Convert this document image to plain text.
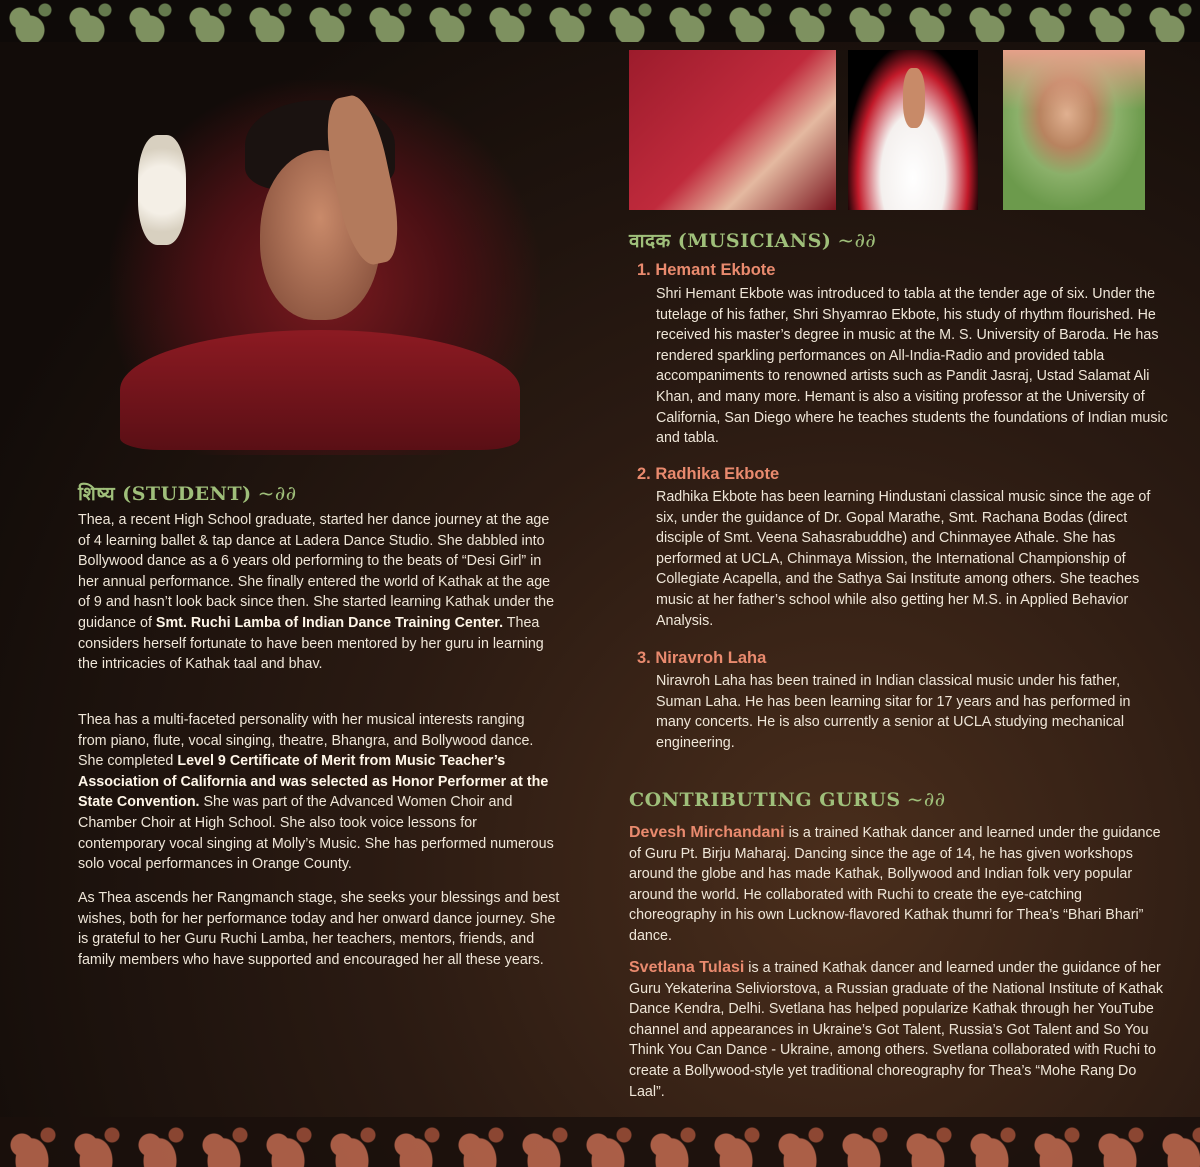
शिष्य (STUDENT) ~∂∂

Thea, a recent High School graduate, started her dance journey at the age of 4 learning ballet & tap dance at Ladera Dance Studio. She dabbled into Bollywood dance as a 6 years old performing to the beats of “Desi Girl” in her annual performance. She finally entered the world of Kathak at the age of 9 and hasn’t look back since then. She started learning Kathak under the guidance of Smt. Ruchi Lamba of Indian Dance Training Center. Thea considers herself fortunate to have been mentored by her guru in learning the intricacies of Kathak taal and bhav.

Thea has a multi-faceted personality with her musical interests ranging from piano, flute, vocal singing, theatre, Bhangra, and Bollywood dance. She completed Level 9 Certificate of Merit from Music Teacher’s Association of California and was selected as Honor Performer at the State Convention. She was part of the Advanced Women Choir and Chamber Choir at High School. She also took voice lessons for contemporary vocal singing at Molly’s Music. She has performed numerous solo vocal performances in Orange County.

As Thea ascends her Rangmanch stage, she seeks your blessings and best wishes, both for her performance today and her onward dance journey. She is grateful to her Guru Ruchi Lamba, her teachers, mentors, friends, and family members who have supported and encouraged her all these years.

वादक (MUSICIANS) ~∂∂

1. Hemant Ekbote

Shri Hemant Ekbote was introduced to tabla at the tender age of six. Under the tutelage of his father, Shri Shyamrao Ekbote, his study of rhythm flourished. He received his master’s degree in music at the M. S. University of Baroda. He has rendered sparkling performances on All-India-Radio and provided tabla accompaniments to renowned artists such as Pandit Jasraj, Ustad Salamat Ali Khan, and many more. Hemant is also a visiting professor at the University of California, San Diego where he teaches students the foundations of Indian music and tabla.

2. Radhika Ekbote

Radhika Ekbote has been learning Hindustani classical music since the age of six, under the guidance of Dr. Gopal Marathe, Smt. Rachana Bodas (direct disciple of Smt. Veena Sahasrabuddhe) and Chinmayee Athale. She has performed at UCLA, Chinmaya Mission, the International Championship of Collegiate Acapella, and the Sathya Sai Institute among others. She teaches music at her father’s school while also getting her M.S. in Applied Behavior Analysis.

3. Niravroh Laha

Niravroh Laha has been trained in Indian classical music under his father, Suman Laha. He has been learning sitar for 17 years and has performed in many concerts. He is also currently a senior at UCLA studying mechanical engineering.

CONTRIBUTING GURUS ~∂∂

Devesh Mirchandani is a trained Kathak dancer and learned under the guidance of Guru Pt. Birju Maharaj. Dancing since the age of 14, he has given workshops around the globe and has made Kathak, Bollywood and Indian folk very popular around the world. He collaborated with Ruchi to create the eye-catching choreography in his own Lucknow-flavored Kathak thumri for Thea’s “Bhari Bhari” dance.

Svetlana Tulasi is a trained Kathak dancer and learned under the guidance of her Guru Yekaterina Seliviorstova, a Russian graduate of the National Institute of Kathak Dance Kendra, Delhi. Svetlana has helped popularize Kathak through her YouTube channel and appearances in Ukraine’s Got Talent, Russia’s Got Talent and So You Think You Can Dance - Ukraine, among others. Svetlana collaborated with Ruchi to create a Bollywood-style yet traditional choreography for Thea’s “Mohe Rang Do Laal”.
